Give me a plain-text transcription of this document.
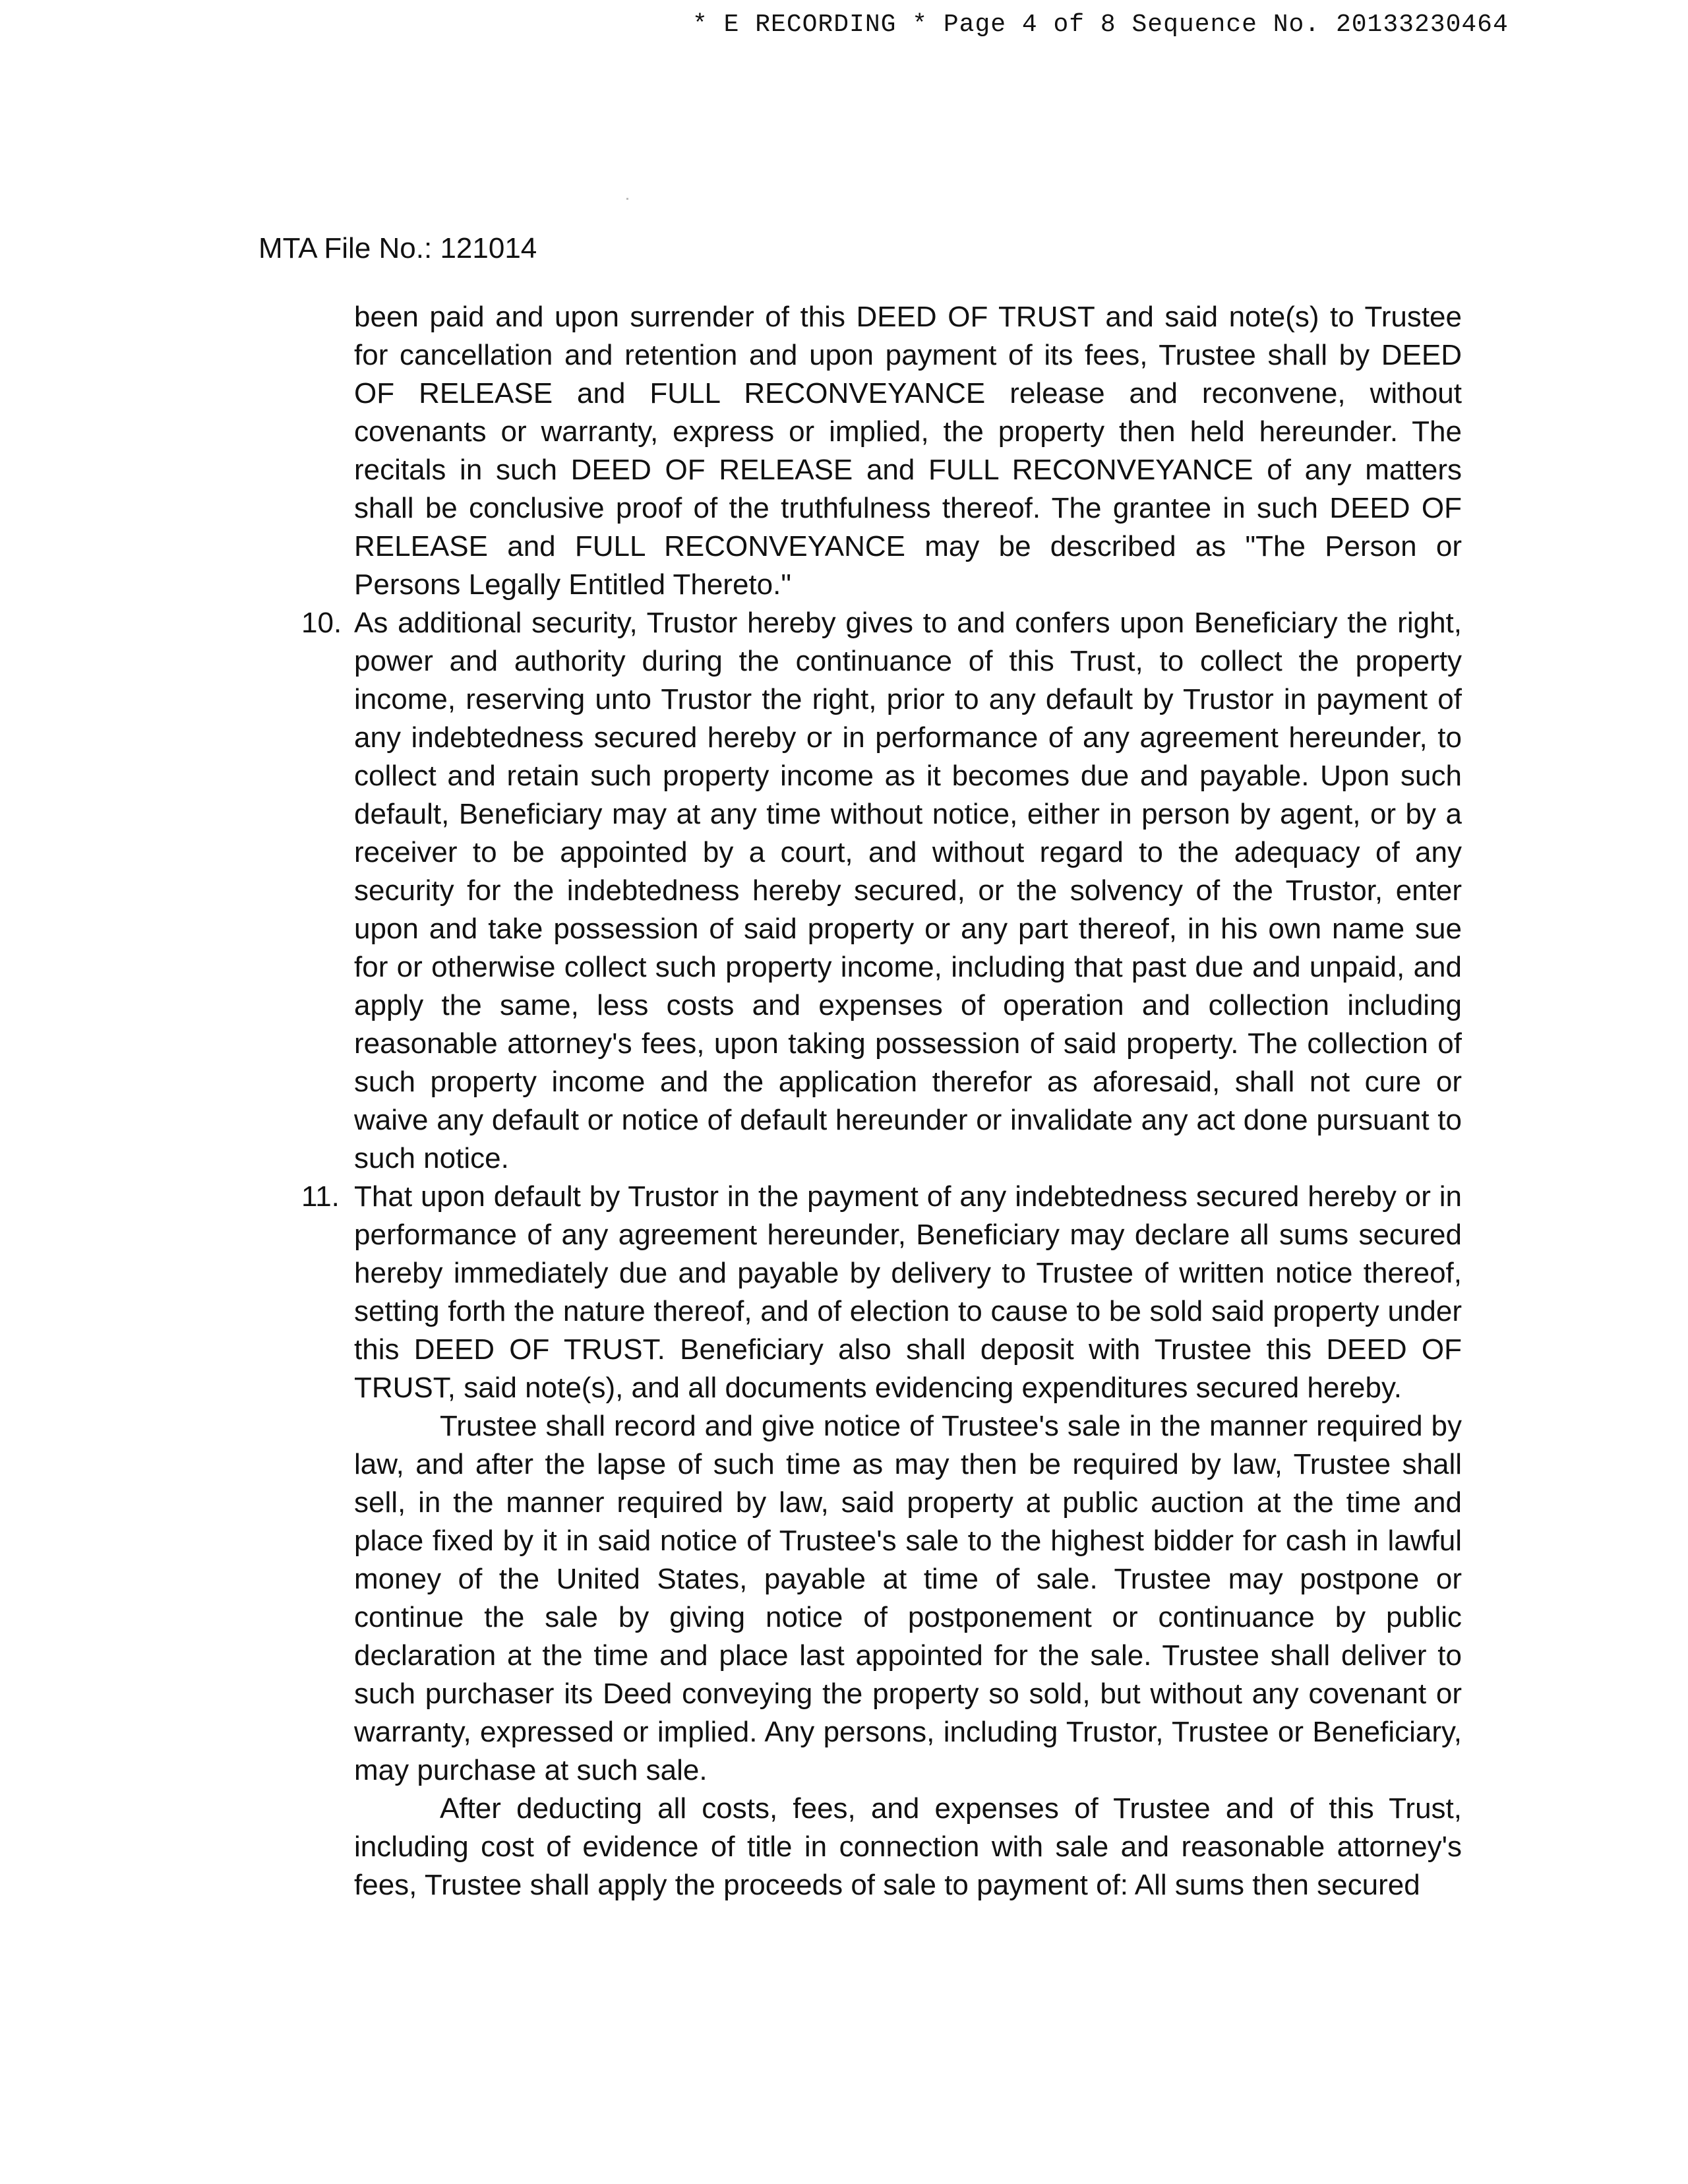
* E RECORDING * Page 4 of 8 Sequence No. 20133230464
MTA File No.: 121014

been paid and upon surrender of this DEED OF TRUST and said note(s) to Trustee for cancellation and retention and upon payment of its fees, Trustee shall by DEED OF RELEASE and FULL RECONVEYANCE release and reconvene, without covenants or warranty, express or implied, the property then held hereunder. The recitals in such DEED OF RELEASE and FULL RECONVEYANCE of any matters shall be conclusive proof of the truthfulness thereof. The grantee in such DEED OF RELEASE and FULL RECONVEYANCE may be described as "The Person or Persons Legally Entitled Thereto."

10. As additional security, Trustor hereby gives to and confers upon Beneficiary the right, power and authority during the continuance of this Trust, to collect the property income, reserving unto Trustor the right, prior to any default by Trustor in payment of any indebtedness secured hereby or in performance of any agreement hereunder, to collect and retain such property income as it becomes due and payable. Upon such default, Beneficiary may at any time without notice, either in person by agent, or by a receiver to be appointed by a court, and without regard to the adequacy of any security for the indebtedness hereby secured, or the solvency of the Trustor, enter upon and take possession of said property or any part thereof, in his own name sue for or otherwise collect such property income, including that past due and unpaid, and apply the same, less costs and expenses of operation and collection including reasonable attorney's fees, upon taking possession of said property. The collection of such property income and the application therefor as aforesaid, shall not cure or waive any default or notice of default hereunder or invalidate any act done pursuant to such notice.

11. That upon default by Trustor in the payment of any indebtedness secured hereby or in performance of any agreement hereunder, Beneficiary may declare all sums secured hereby immediately due and payable by delivery to Trustee of written notice thereof, setting forth the nature thereof, and of election to cause to be sold said property under this DEED OF TRUST. Beneficiary also shall deposit with Trustee this DEED OF TRUST, said note(s), and all documents evidencing expenditures secured hereby.

Trustee shall record and give notice of Trustee's sale in the manner required by law, and after the lapse of such time as may then be required by law, Trustee shall sell, in the manner required by law, said property at public auction at the time and place fixed by it in said notice of Trustee's sale to the highest bidder for cash in lawful money of the United States, payable at time of sale. Trustee may postpone or continue the sale by giving notice of postponement or continuance by public declaration at the time and place last appointed for the sale. Trustee shall deliver to such purchaser its Deed conveying the property so sold, but without any covenant or warranty, expressed or implied. Any persons, including Trustor, Trustee or Beneficiary, may purchase at such sale.

After deducting all costs, fees, and expenses of Trustee and of this Trust, including cost of evidence of title in connection with sale and reasonable attorney's fees, Trustee shall apply the proceeds of sale to payment of: All sums then secured
